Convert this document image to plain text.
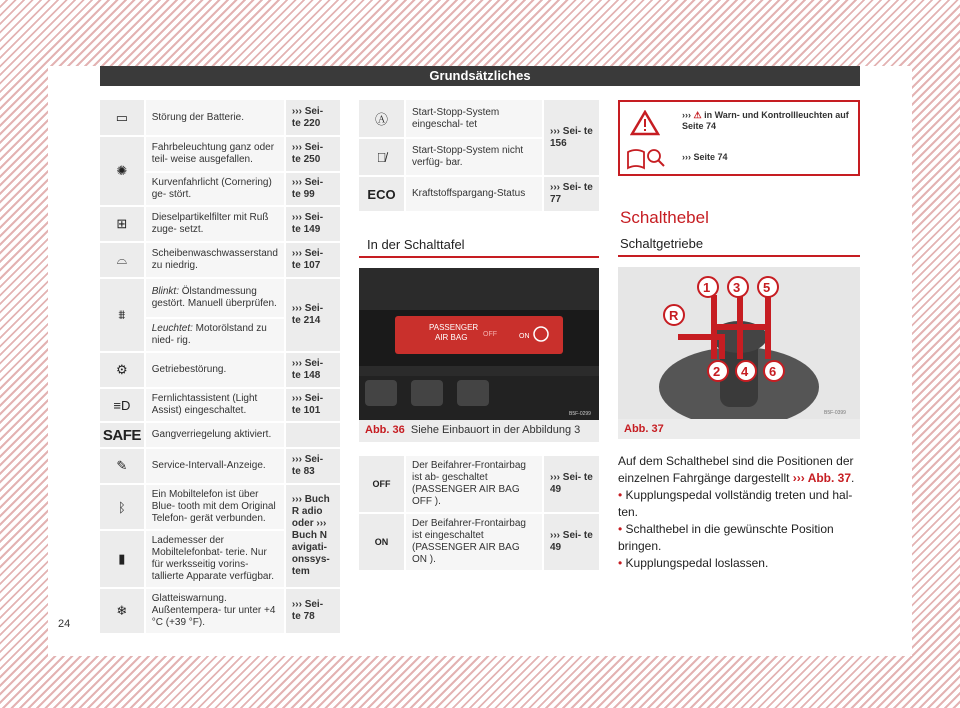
Grundsätzliches
▭	Störung der Batterie.	››› Sei- te 220
✺	Fahrbeleuchtung ganz oder teil- weise ausgefallen.	››› Sei- te 250
	Kurvenfahrlicht (Cornering) ge- stört.	››› Sei- te 99
⊞	Dieselpartikelfilter mit Ruß zuge- setzt.	››› Sei- te 149
⌓	Scheibenwaschwasserstand zu niedrig.	››› Sei- te 107
⩩	Blinkt: Ölstandmessung gestört. Manuell überprüfen.	››› Sei- te 214
	Leuchtet: Motorölstand zu nied- rig.	
⚙	Getriebestörung.	››› Sei- te 148
≡D	Fernlichtassistent (Light Assist) eingeschaltet.	››› Sei- te 101
SAFE	Gangverriegelung aktiviert.	
✎	Service-Intervall-Anzeige.	››› Sei- te 83
ᛒ	Ein Mobiltelefon ist über Blue- tooth mit dem Original Telefon- gerät verbunden.	››› Buch R adio oder ››› Buch N avigati- onssys- tem
▮	Lademesser der Mobiltelefonbat- terie. Nur für werksseitig vorins- tallierte Apparate verfügbar.	
❄	Glatteiswarnung. Außentempera- tur unter +4 °C (+39 °F).	››› Sei- te 78
Ⓐ	Start-Stopp-System eingeschal- tet	››› Sei- te 156
Ⓐ̸	Start-Stopp-System nicht verfüg- bar.	
ECO	Kraftstoffspargang-Status	››› Sei- te 77
In der Schalttafel
PASSENGER
AIR BAG OFF	ON
B5F-0299
Abb. 36 Siehe Einbauort in der Abbildung 3
OFF	Der Beifahrer-Frontairbag ist ab- geschaltet (PASSENGER AIR BAG OFF ).	››› Sei- te 49
ON	Der Beifahrer-Frontairbag ist eingeschaltet (PASSENGER AIR BAG ON ).	››› Sei- te 49
››› ⚠ in Warn- und Kontrollleuchten auf Seite 74
››› Seite 74
Schalthebel
Schaltgetriebe
1 3 5
R
2 4 6
B5F-0399
Abb. 37
Auf dem Schalthebel sind die Positionen der einzelnen Fahrgänge dargestellt ››› Abb. 37.
• Kupplungspedal vollständig treten und hal- ten.
• Schalthebel in die gewünschte Position bringen.
• Kupplungspedal loslassen.
24
